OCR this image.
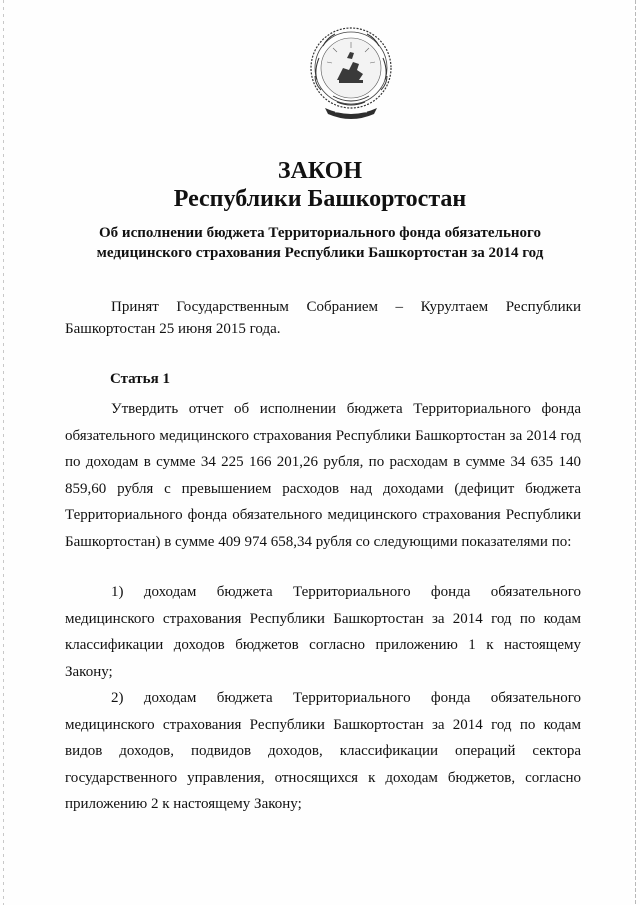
ЗАКОН
Республики Башкортостан
Об исполнении бюджета Территориального фонда обязательного медицинского страхования Республики Башкортостан за 2014 год
Принят Государственным Собранием – Курултаем Республики Башкортостан 25 июня 2015 года.
Статья 1

Утвердить отчет об исполнении бюджета Территориального фонда обязательного медицинского страхования Республики Башкортостан за 2014 год по доходам в сумме 34 225 166 201,26 рубля, по расходам в сумме 34 635 140 859,60 рубля с превышением расходов над доходами (дефицит бюджета Территориального фонда обязательного медицинского страхования Республики Башкортостан) в сумме 409 974 658,34 рубля со следующими показателями по:

1) доходам бюджета Территориального фонда обязательного медицинского страхования Республики Башкортостан за 2014 год по кодам классификации доходов бюджетов согласно приложению 1 к настоящему Закону;

2) доходам бюджета Территориального фонда обязательного медицинского страхования Республики Башкортостан за 2014 год по кодам видов доходов, подвидов доходов, классификации операций сектора государственного управления, относящихся к доходам бюджетов, согласно приложению 2 к настоящему Закону;
